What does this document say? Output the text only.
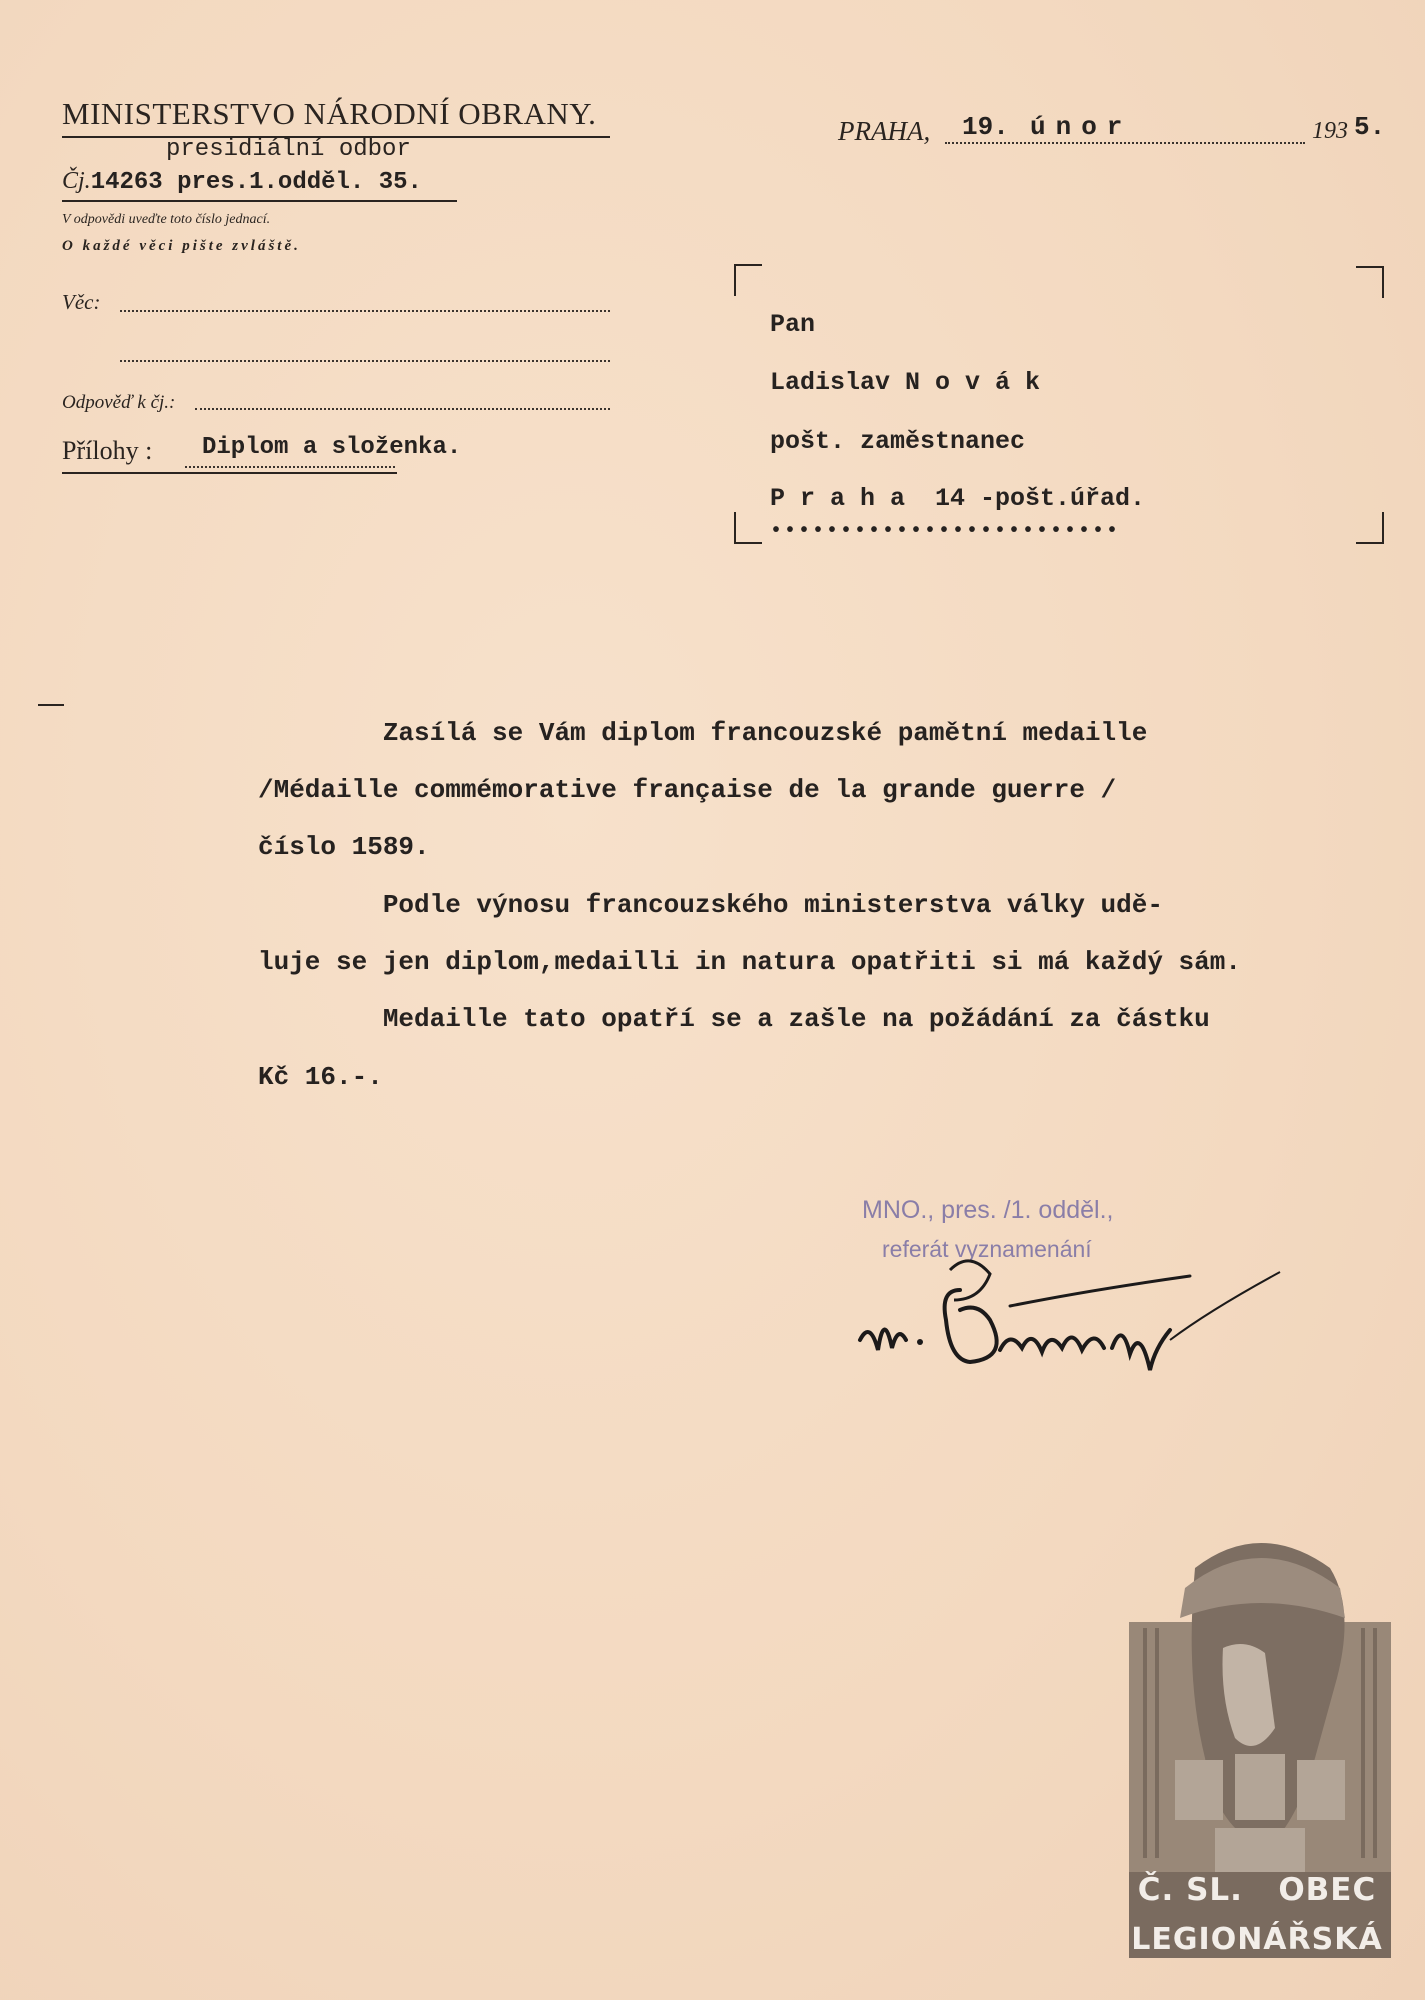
MINISTERSTVO NÁRODNÍ OBRANY.
presidiální odbor
Čj.14263 pres.1.odděl. 35.
V odpovědi uveďte toto číslo jednací.
O každé věci pište zvláště.
Věc:
Odpověď k čj.:
Přílohy : Diplom a složenka.
PRAHA, 19. únor	193 5.
Pan
Ladislav N o v á k
pošt. zaměstnanec
P r a h a  14 -pošt.úřad.
•••••••••••••••••••••••••
Zasílá se Vám diplom francouzské pamětní medaille
/Médaille commémorative française de la grande guerre /
číslo 1589.
Podle výnosu francouzského ministerstva války udě-
luje se jen diplom,medailli in natura opatřiti si má každý sám.
Medaille tato opatří se a zašle na požádání za částku
Kč 16.-.
MNO., pres. /1. odděl.,
referát vyznamenání
Č. SL.   OBEC
LEGIONÁŘSKÁ
